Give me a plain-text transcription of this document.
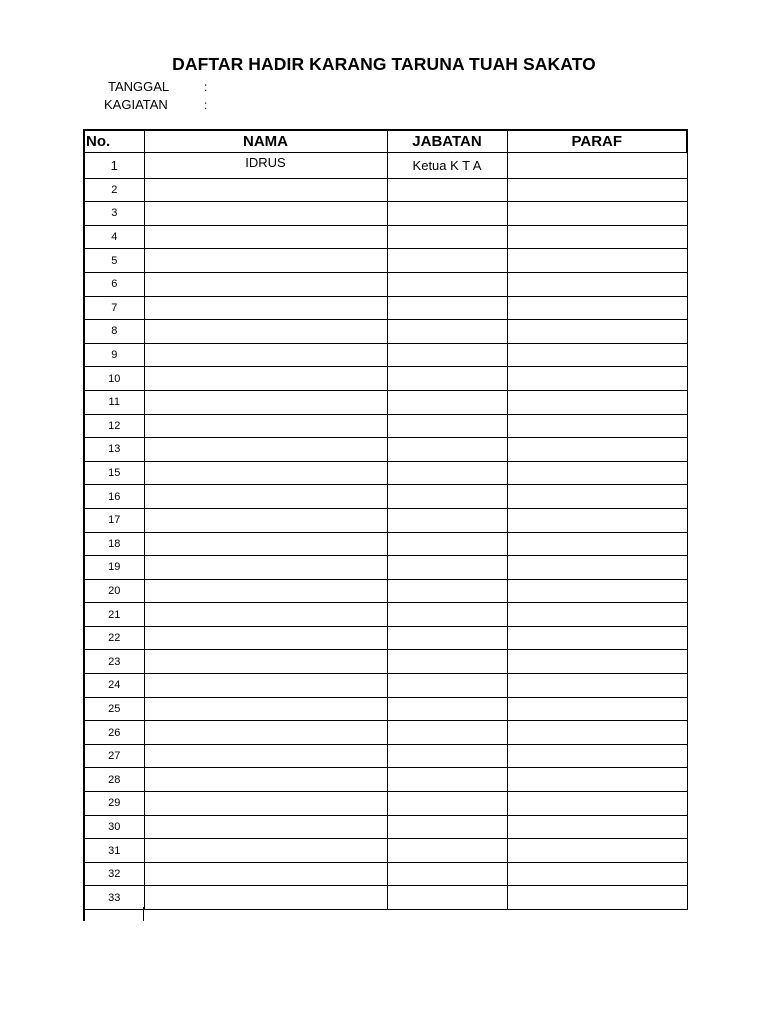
DAFTAR HADIR KARANG TARUNA TUAH SAKATO
TANGGAL	:
KAGIATAN	:
No.	NAMA	JABATAN	PARAF
1	IDRUS	Ketua K T A	
2			
3			
4			
5			
6			
7			
8			
9			
10			
11			
12			
13			
15			
16			
17			
18			
19			
20			
21			
22			
23			
24			
25			
26			
27			
28			
29			
30			
31			
32			
33			
